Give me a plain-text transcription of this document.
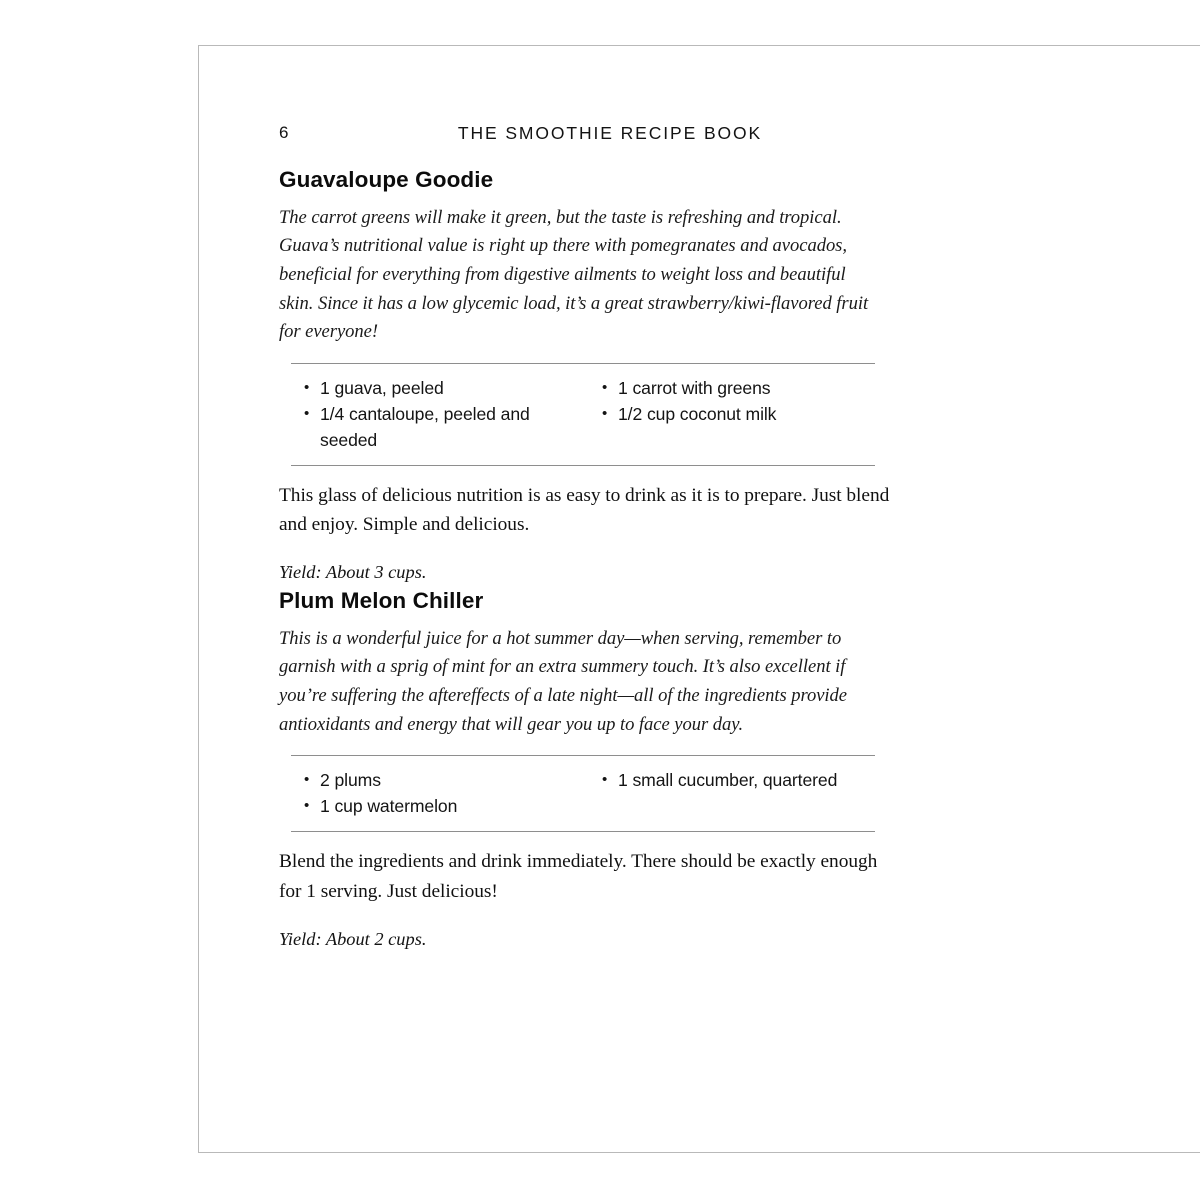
6	THE SMOOTHIE RECIPE BOOK
Guavaloupe Goodie

The carrot greens will make it green, but the taste is refreshing and tropical. Guava’s nutritional value is right up there with pomegranates and avocados, beneficial for everything from digestive ailments to weight loss and beautiful skin. Since it has a low glycemic load, it’s a great strawberry/kiwi-flavored fruit for everyone!

• 1 guava, peeled
• 1/4 cantaloupe, peeled and seeded
• 1 carrot with greens
• 1/2 cup coconut milk

This glass of delicious nutrition is as easy to drink as it is to prepare. Just blend and enjoy. Simple and delicious.

Yield: About 3 cups.

Plum Melon Chiller

This is a wonderful juice for a hot summer day—when serving, remember to garnish with a sprig of mint for an extra summery touch. It’s also excellent if you’re suffering the aftereffects of a late night—all of the ingredients provide antioxidants and energy that will gear you up to face your day.

• 2 plums
• 1 cup watermelon
• 1 small cucumber, quartered

Blend the ingredients and drink immediately. There should be exactly enough for 1 serving. Just delicious!

Yield: About 2 cups.
